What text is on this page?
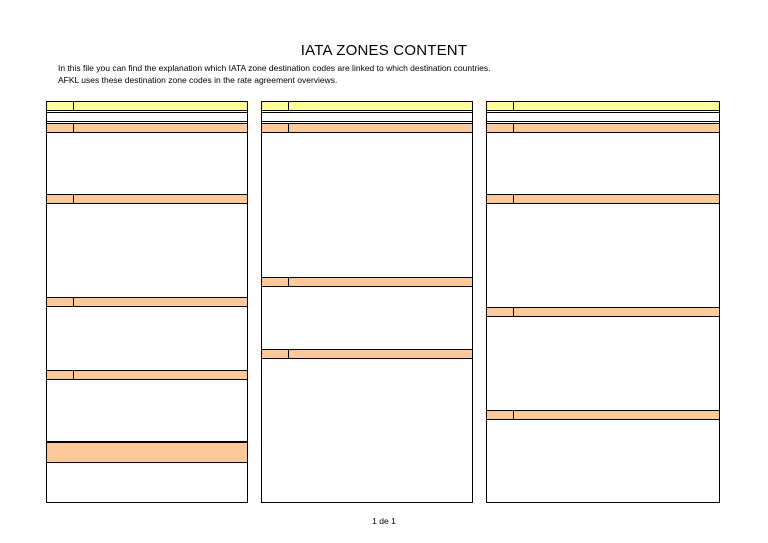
IATA ZONES CONTENT
In this file you can find the explanation which IATA zone destination codes are linked to which destination countries.
AFKL uses these destination zone codes in the rate agreement overviews.
1 de 1
